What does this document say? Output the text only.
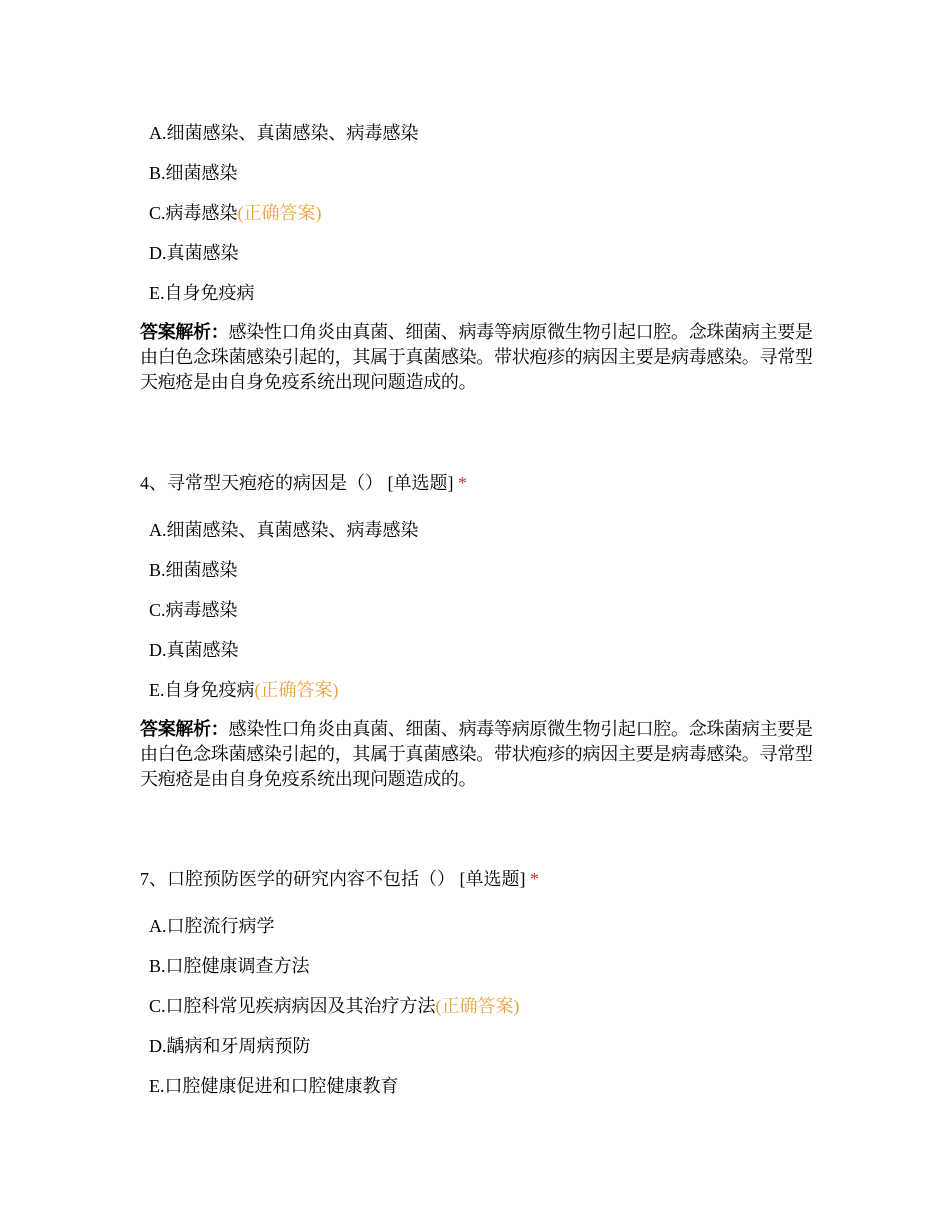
A.细菌感染、真菌感染、病毒感染
B.细菌感染
C.病毒感染(正确答案)
D.真菌感染
E.自身免疫病
答案解析：感染性口角炎由真菌、细菌、病毒等病原微生物引起口腔。念珠菌病主要是由白色念珠菌感染引起的，其属于真菌感染。带状疱疹的病因主要是病毒感染。寻常型天疱疮是由自身免疫系统出现问题造成的。
4、寻常型天疱疮的病因是（） [单选题] *
A.细菌感染、真菌感染、病毒感染
B.细菌感染
C.病毒感染
D.真菌感染
E.自身免疫病(正确答案)
答案解析：感染性口角炎由真菌、细菌、病毒等病原微生物引起口腔。念珠菌病主要是由白色念珠菌感染引起的，其属于真菌感染。带状疱疹的病因主要是病毒感染。寻常型天疱疮是由自身免疫系统出现问题造成的。
7、口腔预防医学的研究内容不包括（） [单选题] *
A.口腔流行病学
B.口腔健康调查方法
C.口腔科常见疾病病因及其治疗方法(正确答案)
D.龋病和牙周病预防
E.口腔健康促进和口腔健康教育
